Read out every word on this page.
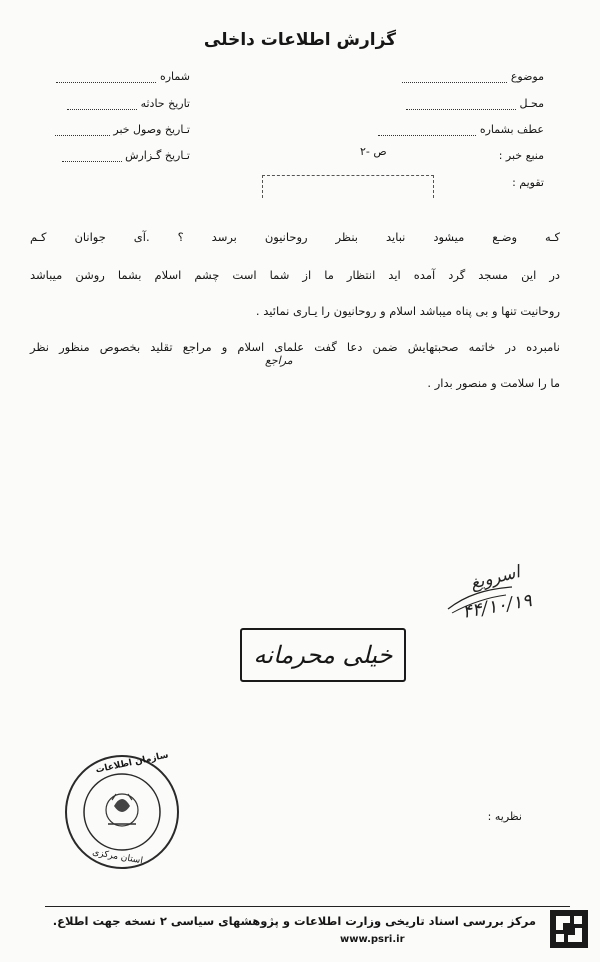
گزارش اطلاعات داخلی
موضوع
محـل
عطف بشماره
منبع خبر :
تقویم :
ص -۲
شماره
تاریخ حادثه
تـاریخ وصول خبر
تـاریخ گـزارش
ﮐـﻪ وضـﻊ میشود نباید بنظر روحانیون برسد ؟ .آی جوانان کـم
در این مسجد گرد آمده اید انتظار ما از شما است چشم اسلام بشما روشن میباشد
روحانیت تنها و بی پناه میباشد اسلام و روحانیون را یـاری نمائید .
مراجع
نامبرده در خاتمه صحبتهایش ضمن دعا گفت علمای اسلام و مراجع تقلید بخصوص منظور نظر
ما را سلامت و منصور بدار .
اسرویغ
۴۴/۱۰/۱۹
خیلی محرمانه
سازمان اطلاعات
استان مرکزی
نظریه :
مرکز بررسی اسناد تاریخی وزارت اطلاعات و پژوهشهای سیاسی ۲ نسخه جهت اطلاع.
www.psri.ir
